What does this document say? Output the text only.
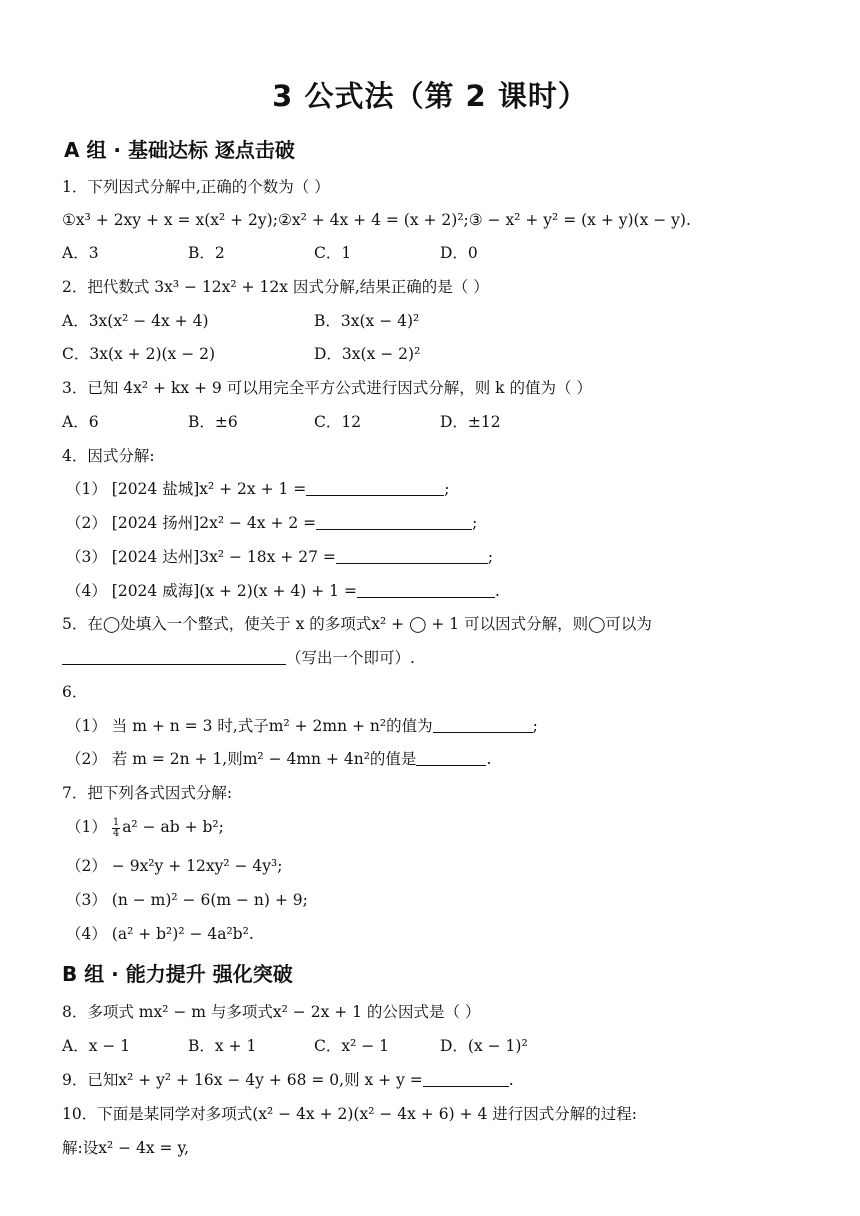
3 公式法（第 2 课时）
A 组 · 基础达标 逐点击破
1．下列因式分解中,正确的个数为（ ）
①x³ + 2xy + x = x(x² + 2y);②x² + 4x + 4 = (x + 2)²;③ − x² + y² = (x + y)(x − y).
A．3	B．2	C．1	D．0
2．把代数式 3x³ − 12x² + 12x 因式分解,结果正确的是（ ）
A．3x(x² − 4x + 4)	B．3x(x − 4)²
C．3x(x + 2)(x − 2)	D．3x(x − 2)²
3．已知 4x² + kx + 9 可以用完全平方公式进行因式分解，则 k 的值为（ ）
A．6	B．±6	C．12	D．±12
4．因式分解:
（1） [2024 盐城]x² + 2x + 1 =	;
（2） [2024 扬州]2x² − 4x + 2 =	;
（3） [2024 达州]3x² − 18x + 27 =	;
（4） [2024 威海](x + 2)(x + 4) + 1 =	.
5．在◯处填入一个整式，使关于 x 的多项式x² + ◯ + 1 可以因式分解，则◯可以为
（写出一个即可）.
6．
（1） 当 m + n = 3 时,式子m² + 2mn + n²的值为	;
（2） 若 m = 2n + 1,则m² − 4mn + 4n²的值是	.
7．把下列各式因式分解:
$(1) \frac{1}{4} a^2$ − ab + b²;
（2） − 9x²y + 12xy² − 4y³;
（3） (n − m)² − 6(m − n) + 9;
（4） (a² + b²)² − 4a²b².
B 组 · 能力提升 强化突破
8．多项式 mx² − m 与多项式x² − 2x + 1 的公因式是（ ）
A．x − 1	B．x + 1	C．x² − 1	D．(x − 1)²
9．已知x² + y² + 16x − 4y + 68 = 0,则 x + y =	.
10．下面是某同学对多项式(x² − 4x + 2)(x² − 4x + 6) + 4 进行因式分解的过程:
解:设x² − 4x = y,
